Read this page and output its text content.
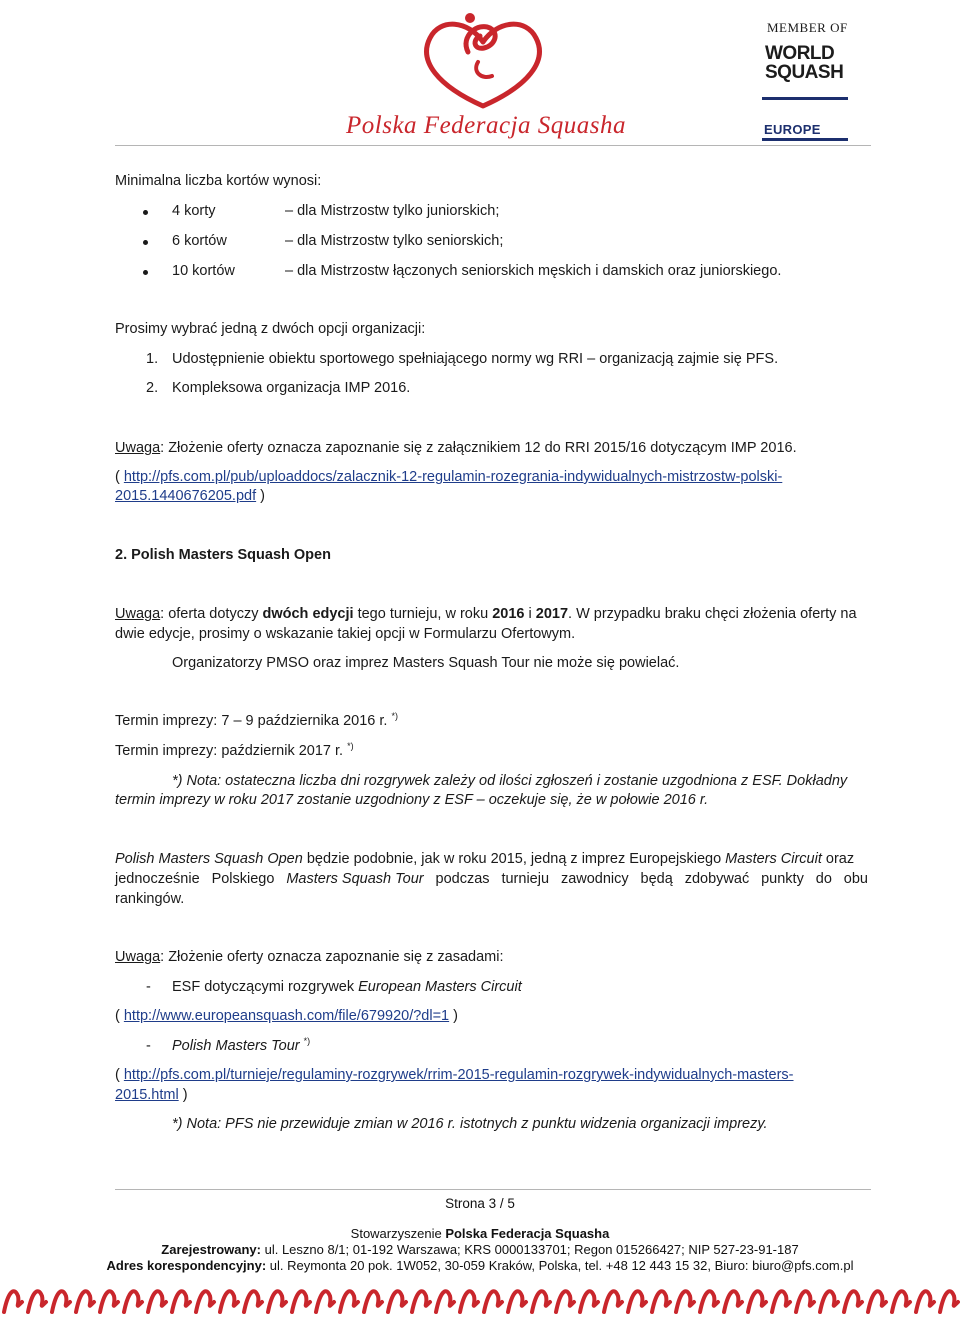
Polska Federacja Squasha
MEMBER OF
WORLD
SQUASH
EUROPE
Minimalna liczba kortów wynosi:
4 korty	– dla Mistrzostw tylko juniorskich;
6 kortów	– dla Mistrzostw tylko seniorskich;
10 kortów	– dla Mistrzostw łączonych seniorskich męskich i damskich oraz juniorskiego.
Prosimy wybrać jedną z dwóch opcji organizacji:
1. Udostępnienie obiektu sportowego spełniającego normy wg RRI – organizacją zajmie się PFS.
2. Kompleksowa organizacja IMP 2016.
Uwaga: Złożenie oferty oznacza zapoznanie się z załącznikiem 12 do RRI 2015/16 dotyczącym IMP 2016.
( http://pfs.com.pl/pub/uploaddocs/zalacznik-12-regulamin-rozegrania-indywidualnych-mistrzostw-polski-
2015.1440676205.pdf )
2. Polish Masters Squash Open
Uwaga: oferta dotyczy dwóch edycji tego turnieju, w roku 2016 i 2017. W przypadku braku chęci złożenia oferty na
dwie edycje, prosimy o wskazanie takiej opcji w Formularzu Ofertowym.
Organizatorzy PMSO oraz imprez Masters Squash Tour nie może się powielać.
Termin imprezy: 7 – 9 października 2016 r. *)
Termin imprezy: październik 2017 r. *)
*) Nota: ostateczna liczba dni rozgrywek zależy od ilości zgłoszeń i zostanie uzgodniona z ESF. Dokładny
termin imprezy w roku 2017 zostanie uzgodniony z ESF – oczekuje się, że w połowie 2016 r.
Polish Masters Squash Open będzie podobnie, jak w roku 2015, jedną z imprez Europejskiego Masters Circuit oraz
jednocześnie Polskiego Masters Squash Tour podczas turnieju zawodnicy będą zdobywać punkty do obu
rankingów.
Uwaga: Złożenie oferty oznacza zapoznanie się z zasadami:
- ESF dotyczącymi rozgrywek European Masters Circuit
( http://www.europeansquash.com/file/679920/?dl=1 )
- Polish Masters Tour *)
( http://pfs.com.pl/turnieje/regulaminy-rozgrywek/rrim-2015-regulamin-rozgrywek-indywidualnych-masters-
2015.html )
*) Nota: PFS nie przewiduje zmian w 2016 r. istotnych z punktu widzenia organizacji imprezy.
Strona 3 / 5
Stowarzyszenie Polska Federacja Squasha
Zarejestrowany: ul. Leszno 8/1; 01-192 Warszawa; KRS 0000133701; Regon 015266427; NIP 527-23-91-187
Adres korespondencyjny: ul. Reymonta 20 pok. 1W052, 30-059 Kraków, Polska, tel. +48 12 443 15 32, Biuro: biuro@pfs.com.pl
